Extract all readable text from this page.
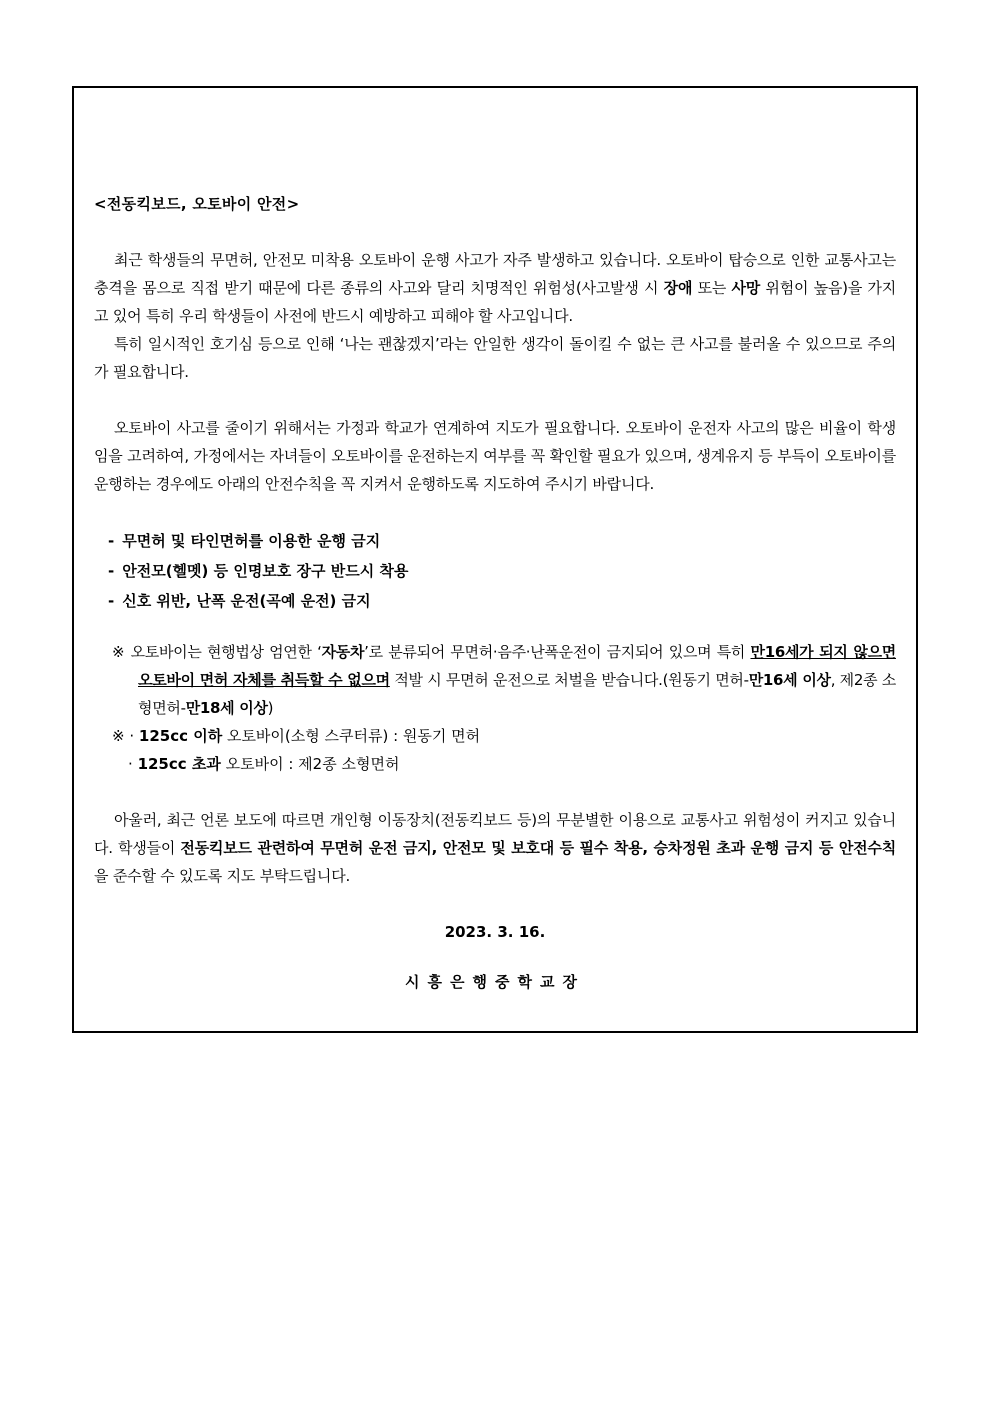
<전동킥보드, 오토바이 안전>

최근 학생들의 무면허, 안전모 미착용 오토바이 운행 사고가 자주 발생하고 있습니다. 오토바이 탑승으로 인한 교통사고는 충격을 몸으로 직접 받기 때문에 다른 종류의 사고와 달리 치명적인 위험성(사고발생 시 장애 또는 사망 위험이 높음)을 가지고 있어 특히 우리 학생들이 사전에 반드시 예방하고 피해야 할 사고입니다.

특히 일시적인 호기심 등으로 인해 ‘나는 괜찮겠지’라는 안일한 생각이 돌이킬 수 없는 큰 사고를 불러올 수 있으므로 주의가 필요합니다.

오토바이 사고를 줄이기 위해서는 가정과 학교가 연계하여 지도가 필요합니다. 오토바이 운전자 사고의 많은 비율이 학생임을 고려하여, 가정에서는 자녀들이 오토바이를 운전하는지 여부를 꼭 확인할 필요가 있으며, 생계유지 등 부득이 오토바이를 운행하는 경우에도 아래의 안전수칙을 꼭 지켜서 운행하도록 지도하여 주시기 바랍니다.

- 무면허 및 타인면허를 이용한 운행 금지
- 안전모(헬멧) 등 인명보호 장구 반드시 착용
- 신호 위반, 난폭 운전(곡예 운전) 금지

※ 오토바이는 현행법상 엄연한 ‘자동차’로 분류되어 무면허·음주·난폭운전이 금지되어 있으며 특히 만16세가 되지 않으면 오토바이 면허 자체를 취득할 수 없으며 적발 시 무면허 운전으로 처벌을 받습니다.(원동기 면허-만16세 이상, 제2종 소형면허-만18세 이상)

※ · 125cc 이하 오토바이(소형 스쿠터류) : 원동기 면허

· 125cc 초과 오토바이 : 제2종 소형면허

아울러, 최근 언론 보도에 따르면 개인형 이동장치(전동킥보드 등)의 무분별한 이용으로 교통사고 위험성이 커지고 있습니다. 학생들이 전동킥보드 관련하여 무면허 운전 금지, 안전모 및 보호대 등 필수 착용, 승차정원 초과 운행 금지 등 안전수칙을 준수할 수 있도록 지도 부탁드립니다.

2023. 3. 16.

시흥은행중학교장
